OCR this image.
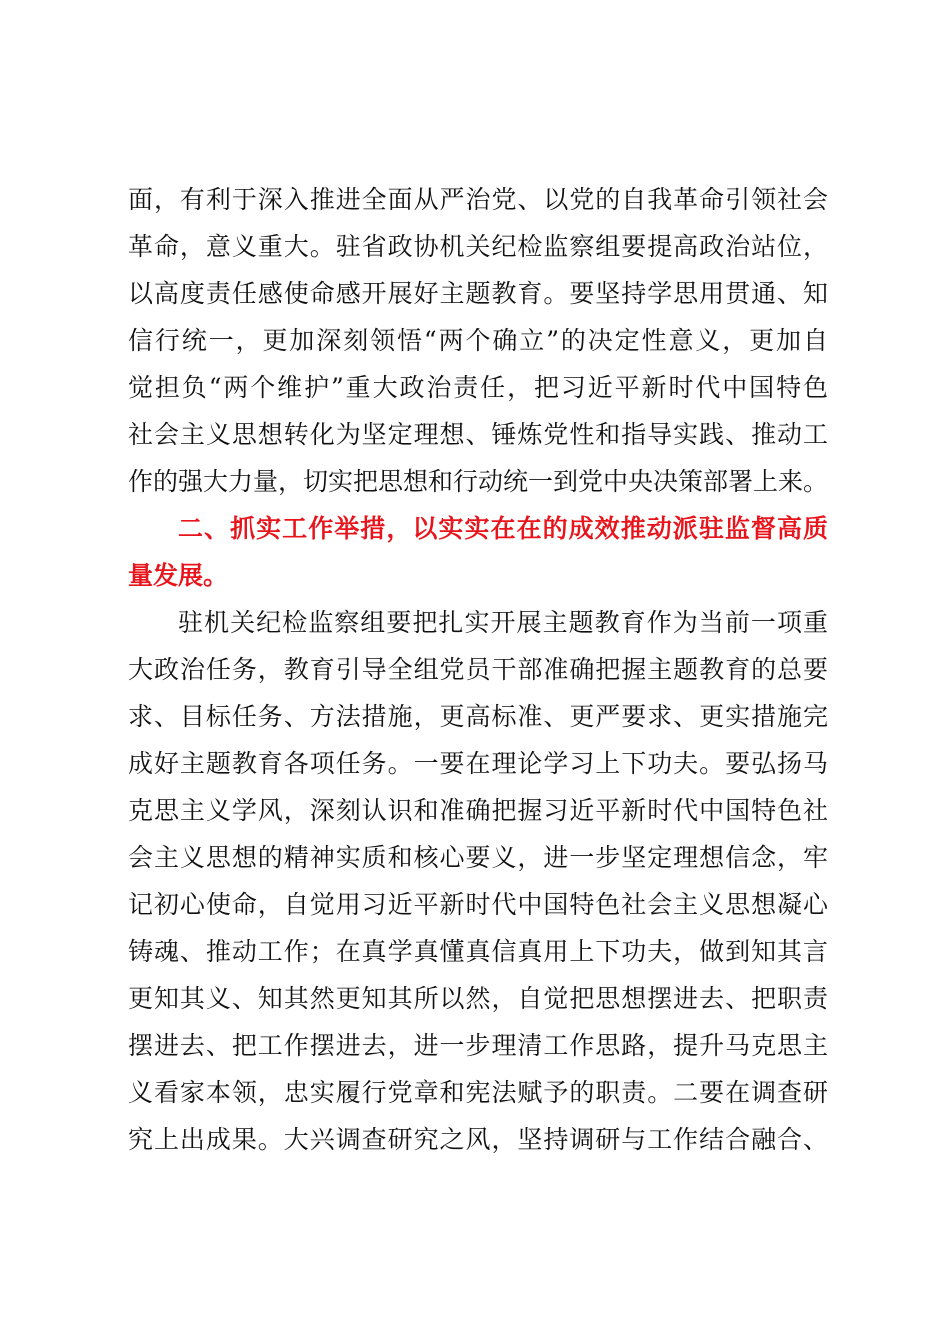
面，有利于深入推进全面从严治党、以党的自我革命引领社会
革命，意义重大。驻省政协机关纪检监察组要提高政治站位，
以高度责任感使命感开展好主题教育。要坚持学思用贯通、知
信行统一，更加深刻领悟“两个确立”的决定性意义，更加自
觉担负“两个维护”重大政治责任，把习近平新时代中国特色
社会主义思想转化为坚定理想、锤炼党性和指导实践、推动工
作的强大力量，切实把思想和行动统一到党中央决策部署上来。
二、抓实工作举措，以实实在在的成效推动派驻监督高质
量发展。
驻机关纪检监察组要把扎实开展主题教育作为当前一项重
大政治任务，教育引导全组党员干部准确把握主题教育的总要
求、目标任务、方法措施，更高标准、更严要求、更实措施完
成好主题教育各项任务。一要在理论学习上下功夫。要弘扬马
克思主义学风，深刻认识和准确把握习近平新时代中国特色社
会主义思想的精神实质和核心要义，进一步坚定理想信念，牢
记初心使命，自觉用习近平新时代中国特色社会主义思想凝心
铸魂、推动工作；在真学真懂真信真用上下功夫，做到知其言
更知其义、知其然更知其所以然，自觉把思想摆进去、把职责
摆进去、把工作摆进去，进一步理清工作思路，提升马克思主
义看家本领，忠实履行党章和宪法赋予的职责。二要在调查研
究上出成果。大兴调查研究之风，坚持调研与工作结合融合、
